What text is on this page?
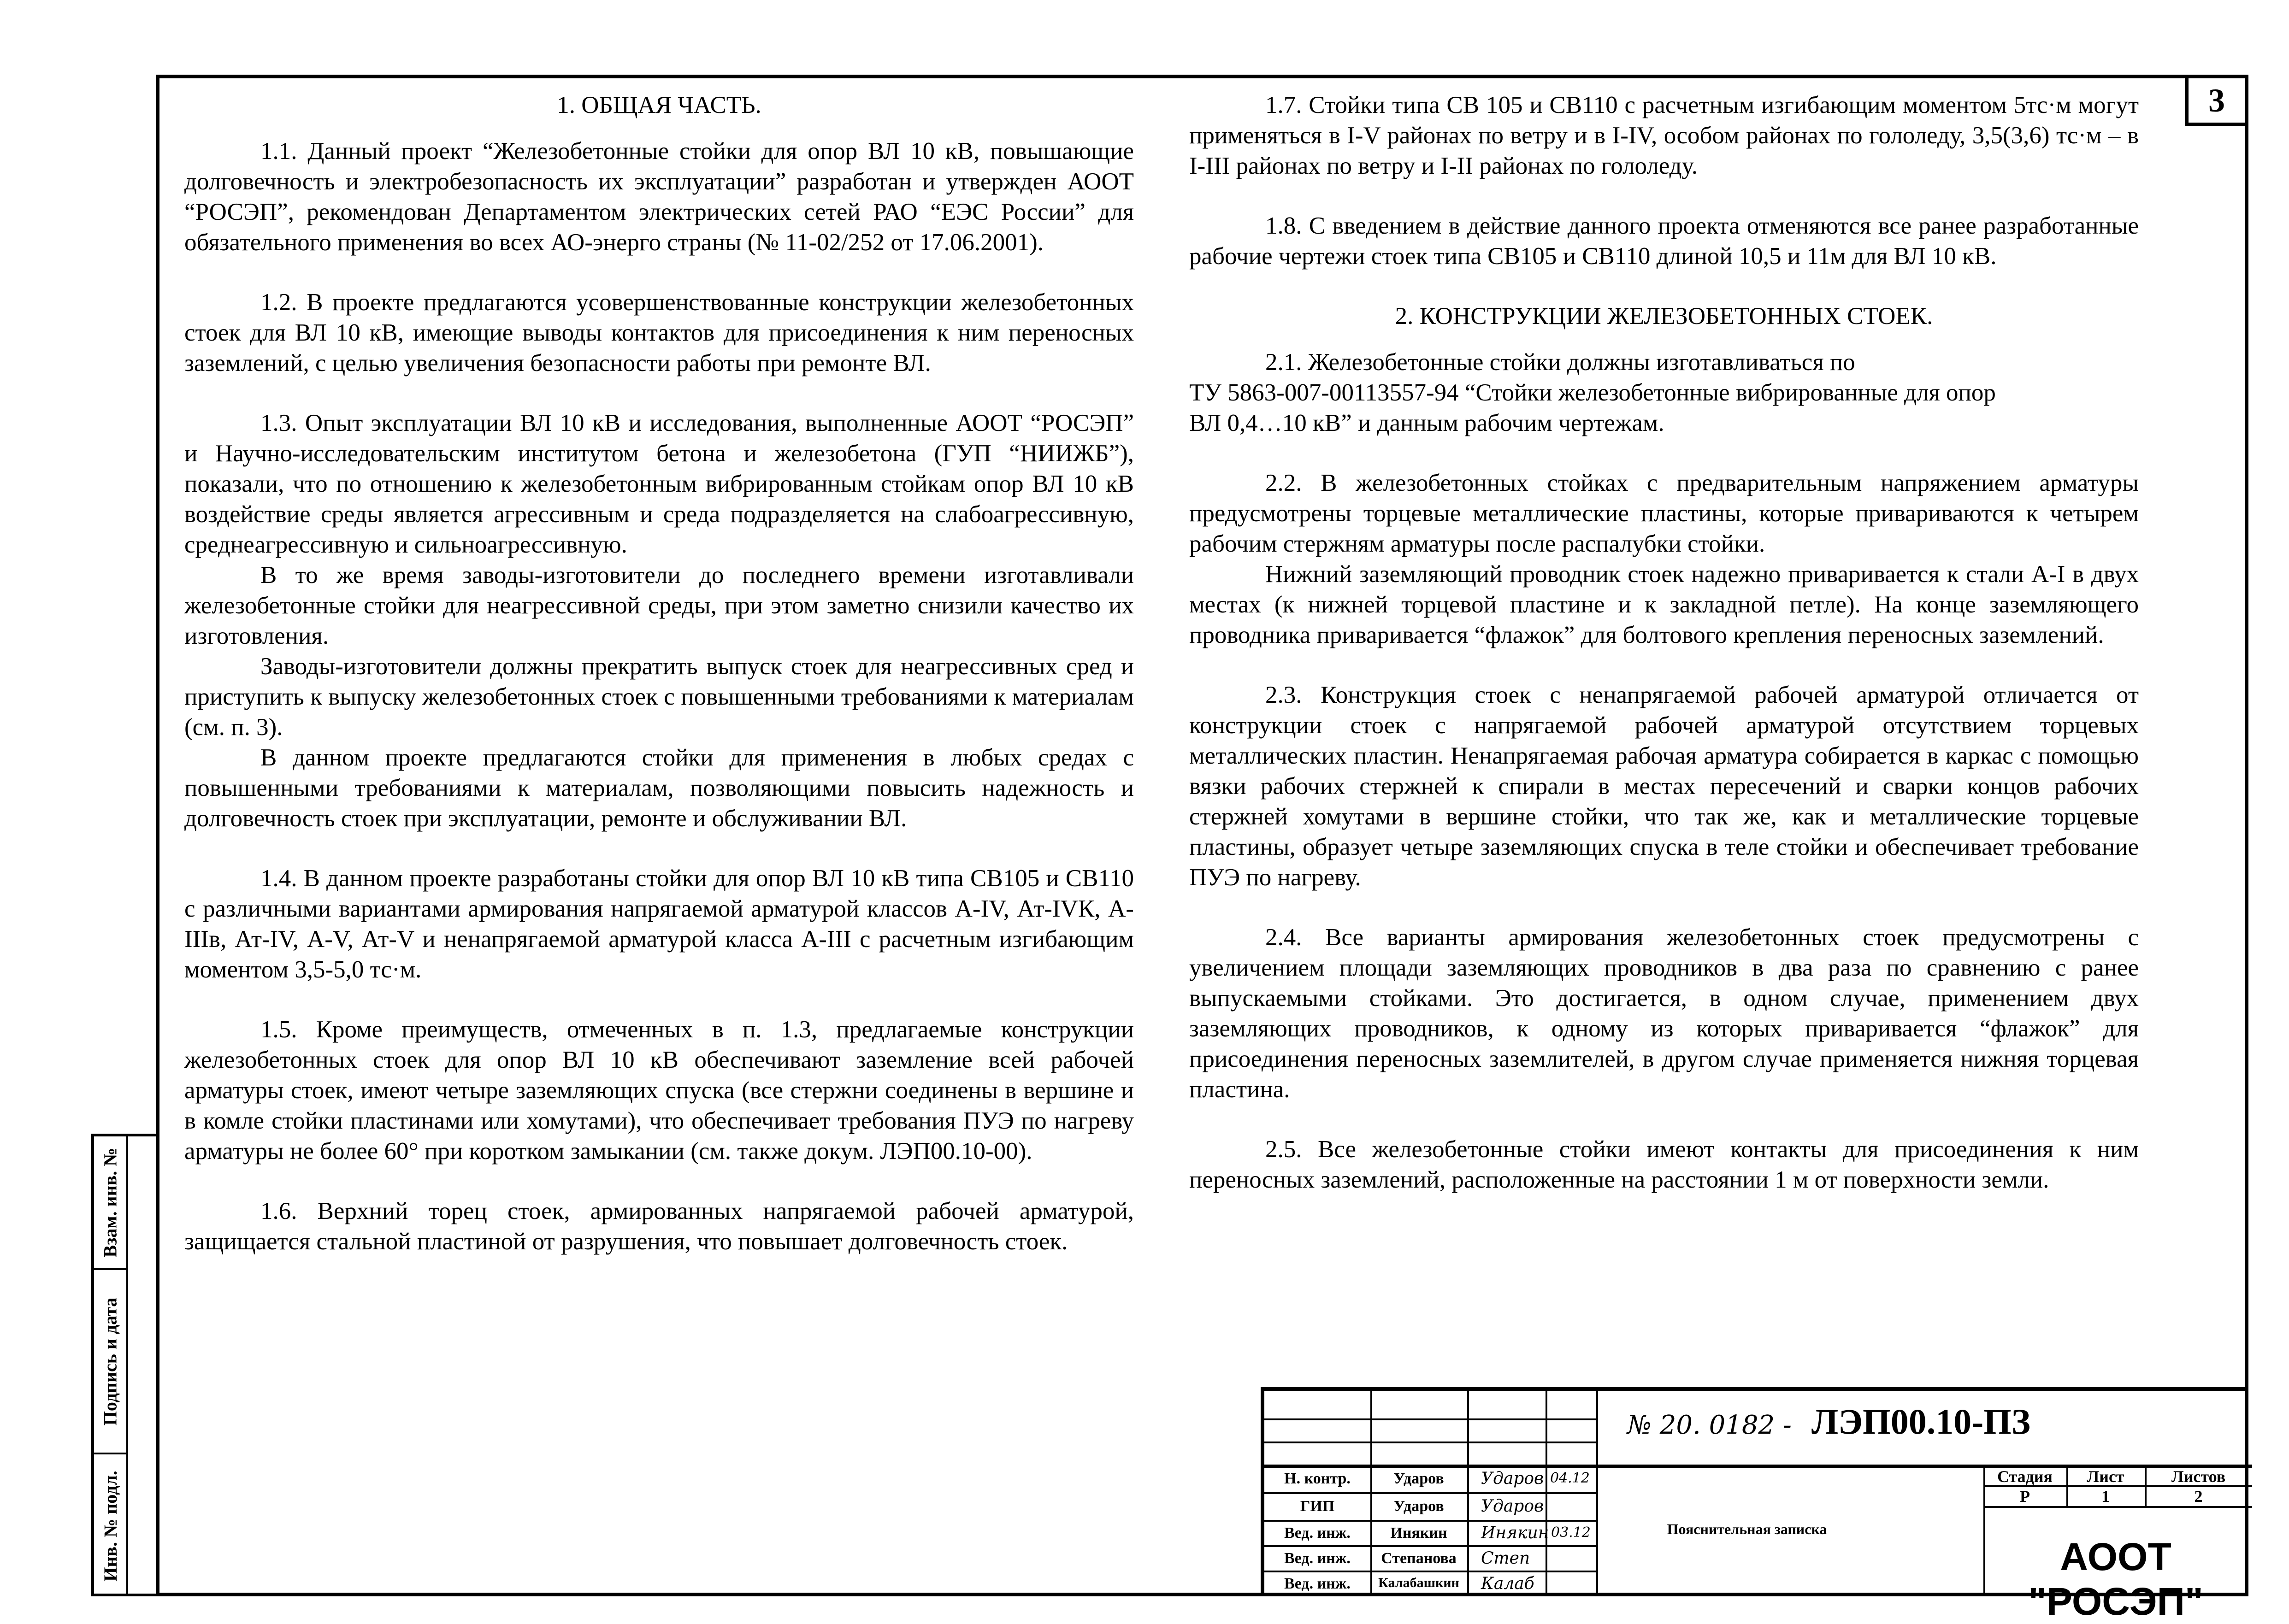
3
Взам. инв. №
Подпись и дата
Инв. № подл.

1. ОБЩАЯ ЧАСТЬ.

1.1. Данный проект “Железобетонные стойки для опор ВЛ 10 кВ, повышающие долговечность и электробезопасность их эксплуатации” разработан и утвержден АООТ “РОСЭП”, рекомендован Департаментом электрических сетей РАО “ЕЭС России” для обязательного применения во всех АО-энерго страны (№ 11-02/252 от 17.06.2001).

1.2. В проекте предлагаются усовершенствованные конструкции железобетонных стоек для ВЛ 10 кВ, имеющие выводы контактов для присоединения к ним переносных заземлений, с целью увеличения безопасности работы при ремонте ВЛ.

1.3. Опыт эксплуатации ВЛ 10 кВ и исследования, выполненные АООТ “РОСЭП” и Научно-исследовательским институтом бетона и железобетона (ГУП “НИИЖБ”), показали, что по отношению к железобетонным вибрированным стойкам опор ВЛ 10 кВ воздействие среды является агрессивным и среда подразделяется на слабоагрессивную, среднеагрессивную и сильноагрессивную.

В то же время заводы-изготовители до последнего времени изготавливали железобетонные стойки для неагрессивной среды, при этом заметно снизили качество их изготовления.

Заводы-изготовители должны прекратить выпуск стоек для неагрессивных сред и приступить к выпуску железобетонных стоек с повышенными требованиями к материалам (см. п. 3).

В данном проекте предлагаются стойки для применения в любых средах с повышенными требованиями к материалам, позволяющими повысить надежность и долговечность стоек при эксплуатации, ремонте и обслуживании ВЛ.

1.4. В данном проекте разработаны стойки для опор ВЛ 10 кВ типа СВ105 и СВ110 с различными вариантами армирования напрягаемой арматурой классов А-IV, Ат-IVК, А-IIIв, Ат-IV, А-V, Ат-V и ненапрягаемой арматурой класса А-III с расчетным изгибающим моментом 3,5-5,0 тс·м.

1.5. Кроме преимуществ, отмеченных в п. 1.3, предлагаемые конструкции железобетонных стоек для опор ВЛ 10 кВ обеспечивают заземление всей рабочей арматуры стоек, имеют четыре заземляющих спуска (все стержни соединены в вершине и в комле стойки пластинами или хомутами), что обеспечивает требования ПУЭ по нагреву арматуры не более 60° при коротком замыкании (см. также докум. ЛЭП00.10-00).

1.6. Верхний торец стоек, армированных напрягаемой рабочей арматурой, защищается стальной пластиной от разрушения, что повышает долговечность стоек.

1.7. Стойки типа СВ 105 и СВ110 с расчетным изгибающим моментом 5тс·м могут применяться в I-V районах по ветру и в I-IV, особом районах по гололеду, 3,5(3,6) тс·м – в I-III районах по ветру и I-II районах по гололеду.

1.8. С введением в действие данного проекта отменяются все ранее разработанные рабочие чертежи стоек типа СВ105 и СВ110 длиной 10,5 и 11м для ВЛ 10 кВ.

2. КОНСТРУКЦИИ ЖЕЛЕЗОБЕТОННЫХ СТОЕК.

2.1. Железобетонные стойки должны изготавливаться по

ТУ 5863-007-00113557-94 “Стойки железобетонные вибрированные для опор

ВЛ 0,4…10 кВ” и данным рабочим чертежам.

2.2. В железобетонных стойках с предварительным напряжением арматуры предусмотрены торцевые металлические пластины, которые привариваются к четырем рабочим стержням арматуры после распалубки стойки.

Нижний заземляющий проводник стоек надежно приваривается к стали А-I в двух местах (к нижней торцевой пластине и к закладной петле). На конце заземляющего проводника приваривается “флажок” для болтового крепления переносных заземлений.

2.3. Конструкция стоек с ненапрягаемой рабочей арматурой отличается от конструкции стоек с напрягаемой рабочей арматурой отсутствием торцевых металлических пластин. Ненапрягаемая рабочая арматура собирается в каркас с помощью вязки рабочих стержней к спирали в местах пересечений и сварки концов рабочих стержней хомутами в вершине стойки, что так же, как и металлические торцевые пластины, образует четыре заземляющих спуска в теле стойки и обеспечивает требование ПУЭ по нагреву.

2.4. Все варианты армирования железобетонных стоек предусмотрены с увеличением площади заземляющих проводников в два раза по сравнению с ранее выпускаемыми стойками. Это достигается, в одном случае, применением двух заземляющих проводников, к одному из которых приваривается “флажок” для присоединения переносных заземлителей, в другом случае применяется нижняя торцевая пластина.

2.5. Все железобетонные стойки имеют контакты для присоединения к ним переносных заземлений, расположенные на расстоянии 1 м от поверхности земли.

Н. контр.	Ударов	Ударов 04.12
ГИП	Ударов	Ударов
Вед. инж.	Инякин	Инякин 03.12
Вед. инж.	Степанова	Степ
Вед. инж.	Калабашкин	Калаб
Стадия	Лист	Листов
Р	1	2
№ 20. 0182 - ЛЭП00.10-ПЗ
Пояснительная записка
АООТ "РОСЭП"
